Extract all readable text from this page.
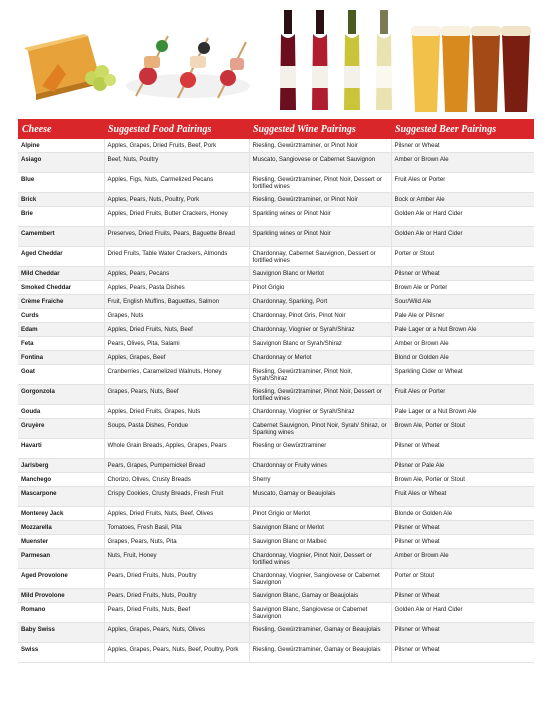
Cheese	Suggested Food Pairings	Suggested Wine Pairings	Suggested Beer Pairings
Alpine	Apples, Grapes, Dried Fruits, Beef, Pork	Riesling, Gewürztraminer, or Pinot Noir	Pilsner or Wheat
Asiago	Beef, Nuts, Poultry	Muscato, Sangiovese or Cabernet Sauvignon	Amber or Brown Ale
Blue	Apples, Figs, Nuts, Carmelized Pecans	Riesling, Gewürztraminer, Pinot Noir, Dessert or fortified wines	Fruit Ales or Porter
Brick	Apples, Pears, Nuts, Poultry, Pork	Riesling, Gewürztraminer, or Pinot Noir	Bock or Amber Ale
Brie	Apples, Dried Fruits, Butter Crackers, Honey	Sparkling wines or Pinot Noir	Golden Ale or Hard Cider
Camembert	Preserves, Dried Fruits, Pears, Baguette Bread	Sparkling wines or Pinot Noir	Golden Ale or Hard Cider
Aged Cheddar	Dried Fruits, Table Water Crackers, Almonds	Chardonnay, Cabernet Sauvignon, Dessert or fortified wines	Porter or Stout
Mild Cheddar	Apples, Pears, Pecans	Sauvignon Blanc or Merlot	Pilsner or Wheat
Smoked Cheddar	Apples, Pears, Pasta Dishes	Pinot Grigio	Brown Ale or Porter
Crème Fraiche	Fruit, English Muffins, Baguettes, Salmon	Chardonnay, Sparking, Port	Sour/Wild Ale
Curds	Grapes, Nuts	Chardonnay, Pinot Gris, Pinot Noir	Pale Ale or Pilsner
Edam	Apples, Dried Fruits, Nuts, Beef	Chardonnay, Viognier or Syrah/Shiraz	Pale Lager or a Nut Brown Ale
Feta	Pears, Olives, Pita, Salami	Sauvignon Blanc or Syrah/Shiraz	Amber or Brown Ale
Fontina	Apples, Grapes, Beef	Chardonnay or Merlot	Blond or Golden Ale
Goat	Cranberries, Caramelized Walnuts, Honey	Riesling, Gewürztraminer, Pinot Noir, Syrah/Shiraz	Sparkling Cider or Wheat
Gorgonzola	Grapes, Pears, Nuts, Beef	Riesling, Gewürztraminer, Pinot Noir, Dessert or fortified wines	Fruit Ales or Porter
Gouda	Apples, Dried Fruits, Grapes, Nuts	Chardonnay, Viognier or Syrah/Shiraz	Pale Lager or a Nut Brown Ale
Gruyère	Soups, Pasta Dishes, Fondue	Cabernet Sauvignon, Pinot Noir, Syrah/ Shiraz, or Sparking wines	Brown Ale, Porter or Stout
Havarti	Whole Grain Breads, Apples, Grapes, Pears	Riesling or Gewürztraminer	Pilsner or Wheat
Jarlsberg	Pears, Grapes, Pumpernickel Bread	Chardonnay or Fruity wines	Pilsner or Pale Ale
Manchego	Chorizo, Olives, Crusty Breads	Sherry	Brown Ale, Porter or Stout
Mascarpone	Crispy Cookies, Crusty Breads, Fresh Fruit	Muscato, Gamay or Beaujolais	Fruit Ales or Wheat
Monterey Jack	Apples, Dried Fruits, Nuts, Beef, Olives	Pinot Grigio or Merlot	Blonde or Golden Ale
Mozzarella	Tomatoes, Fresh Basil, Pita	Sauvignon Blanc or Merlot	Pilsner or Wheat
Muenster	Grapes, Pears, Nuts, Pita	Sauvignon Blanc or Malbec	Pilsner or Wheat
Parmesan	Nuts, Fruit, Honey	Chardonnay, Viognier, Pinot Noir, Dessert or fortified wines	Amber or Brown Ale
Aged Provolone	Pears, Dried Fruits, Nuts, Poultry	Chardonnay, Viognier, Sangiovese or Cabernet Sauvignon	Porter or Stout
Mild Provolone	Pears, Dried Fruits, Nuts, Poultry	Sauvignon Blanc, Gamay or Beaujolais	Pilsner or Wheat
Romano	Pears, Dried Fruits, Nuts, Beef	Sauvignon Blanc, Sangiovese or Cabernet Sauvignon	Golden Ale or Hard Cider
Baby Swiss	Apples, Grapes, Pears, Nuts, Olives	Riesling, Gewürztraminer, Gamay or Beaujolais	Pilsner or Wheat
Swiss	Apples, Grapes, Pears, Nuts, Beef, Poultry, Pork	Riesling, Gewürztraminer, Gamay or Beaujolais	Pilsner or Wheat
